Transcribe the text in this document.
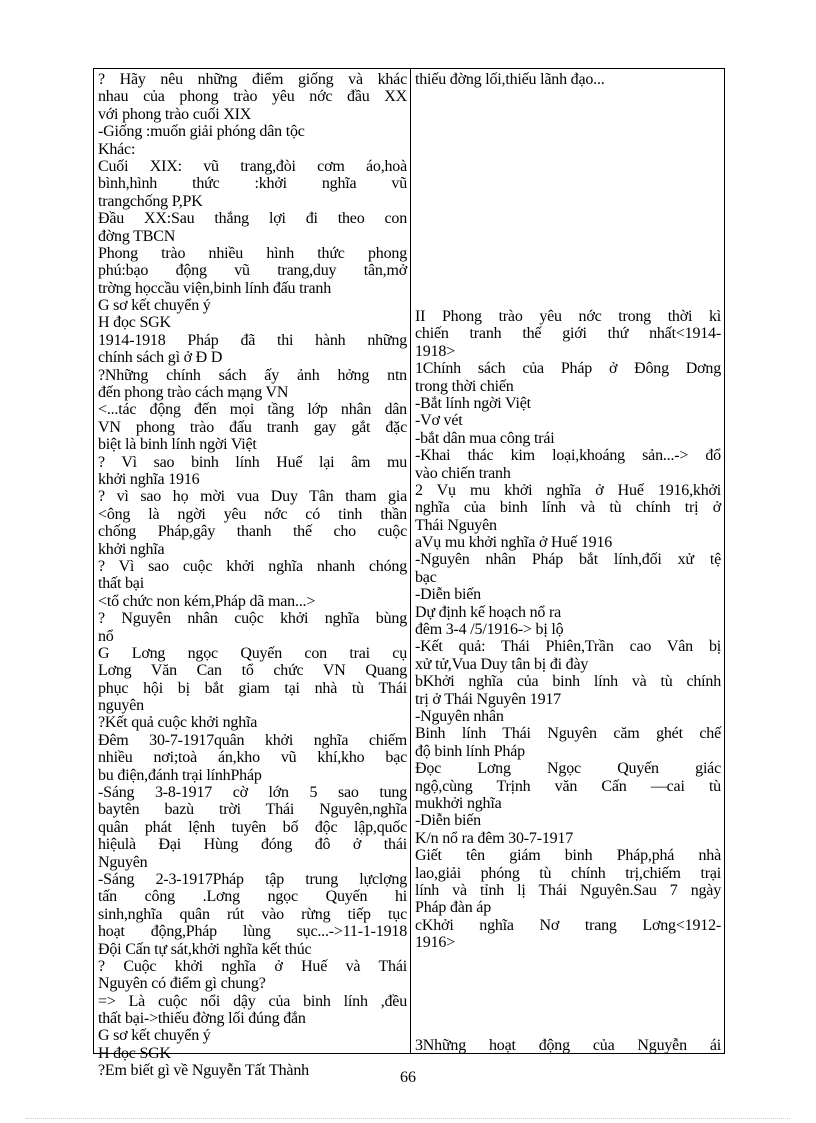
? Hãy nêu những điểm giống và khác
nhau của phong trào yêu nớc đầu XX
với phong trào cuối XIX
-Giống :muốn giải phóng dân tộc
Khác:
Cuối XIX: vũ trang,đòi cơm áo,hoà
bình,hình thức :khởi nghĩa vũ
trangchống P,PK
Đầu XX:Sau thắng lợi đi theo con
đờng TBCN
Phong trào nhiều hình thức phong
phú:bạo động vũ trang,duy tân,mở
trờng họccầu viện,binh lính đấu tranh
G sơ kết chuyển ý
H đọc SGK
1914-1918 Pháp đã thi hành những
chính sách gì ở Đ D
?Những chính sách ấy ảnh hởng ntn
đến phong trào cách mạng VN
<...tác động đến mọi tầng lớp nhân dân
VN phong trào đấu tranh gay gắt đặc
biệt là binh lính ngời Việt
? Vì sao binh lính Huế lại âm mu
khởi nghĩa 1916
? vì sao họ mời vua Duy Tân tham gia
<ông là ngời yêu nớc có tinh thần
chống Pháp,gây thanh thế cho cuộc
khởi nghĩa
? Vì sao cuộc khởi nghĩa nhanh chóng
thất bại
<tổ chức non kém,Pháp dã man...>
? Nguyên nhân cuộc khởi nghĩa bùng
nổ
G Lơng ngọc Quyến con trai cụ
Lơng Văn Can tổ chức VN Quang
phục hội bị bắt giam tại nhà tù Thái
nguyên
?Kết quả cuộc khởi nghĩa
Đêm 30-7-1917quân khởi nghĩa chiếm
nhiều nơi;toà án,kho vũ khí,kho bạc
bu điện,đánh trại línhPháp
-Sáng 3-8-1917 cờ lớn 5 sao tung
baytên bazù trời Thái Nguyên,nghĩa
quân phát lệnh tuyên bố độc lập,quốc
hiệulà Đại Hùng đóng đô ở thái
Nguyên
-Sáng 2-3-1917Pháp tập trung lựclợng
tấn công .Lơng ngọc Quyến hi
sinh,nghĩa quân rút vào rừng tiếp tục
hoạt động,Pháp lùng sục...->11-1-1918
Đội Cấn tự sát,khởi nghĩa kết thúc
? Cuộc khởi nghĩa ở Huế và Thái
Nguyên có điểm gì chung?
=> Là cuộc nổi dậy của binh lính ,đều
thất bại->thiếu đờng lối đúng đắn
G sơ kết chuyển ý
H đọc SGK
?Em biết gì về Nguyễn Tất Thành
thiếu đờng lối,thiếu lãnh đạo...
II Phong trào yêu nớc trong thời kì
chiến tranh thế giới thứ nhất<1914-
1918>
1Chính sách của Pháp ở Đông Dơng
trong thời chiến
-Bắt lính ngời Việt
-Vơ vét
-bắt dân mua công trái
-Khai thác kim loại,khoáng sản...-> đổ
vào chiến tranh
2 Vụ mu khởi nghĩa ở Huế 1916,khởi
nghĩa của binh lính và tù chính trị ở
Thái Nguyên
aVụ mu khởi nghĩa ở Huế 1916
-Nguyên nhân Pháp bắt lính,đối xử tệ
bạc
-Diễn biến
Dự định kế hoạch nổ ra
đêm 3-4 /5/1916-> bị lộ
-Kết quả: Thái Phiên,Trần cao Vân bị
xử tử,Vua Duy tân bị đi đày
bKhởi nghĩa của binh lính và tù chính
trị ở Thái Nguyên 1917
-Nguyên nhân
Binh lính Thái Nguyên căm ghét chế
độ binh lính Pháp
Đọc Lơng Ngọc Quyến giác
ngộ,cùng Trịnh văn Cấn —cai tù
mukhởi nghĩa
-Diễn biến
K/n nổ ra đêm 30-7-1917
Giết tên giám binh Pháp,phá nhà
lao,giải phóng tù chính trị,chiếm trại
lính và tỉnh lị Thái Nguyên.Sau 7 ngày
Pháp đàn áp
cKhởi nghĩa Nơ trang Lơng<1912-
1916>
3Những hoạt động của Nguyễn ái
66
